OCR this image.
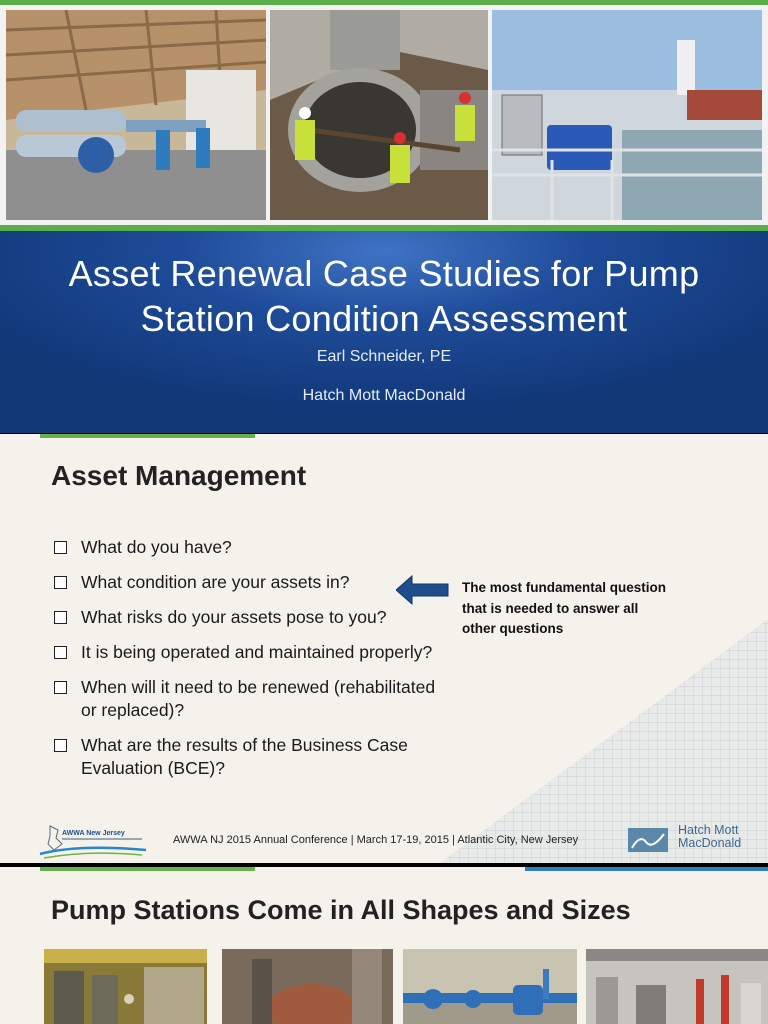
Asset Renewal Case Studies for Pump Station Condition Assessment
Earl Schneider, PE
Hatch Mott MacDonald
Asset Management
What do you have?
What condition are your assets in?
What risks do your assets pose to you?
It is being operated and maintained properly?
When will it need to be renewed (rehabilitated or replaced)?
What are the results of the Business Case Evaluation (BCE)?
The most fundamental question that is needed to answer all other questions
AWWA New Jersey
AWWA NJ 2015 Annual Conference | March 17-19, 2015 | Atlantic City, New Jersey
Hatch Mott
MacDonald
Pump Stations Come in All Shapes and Sizes
